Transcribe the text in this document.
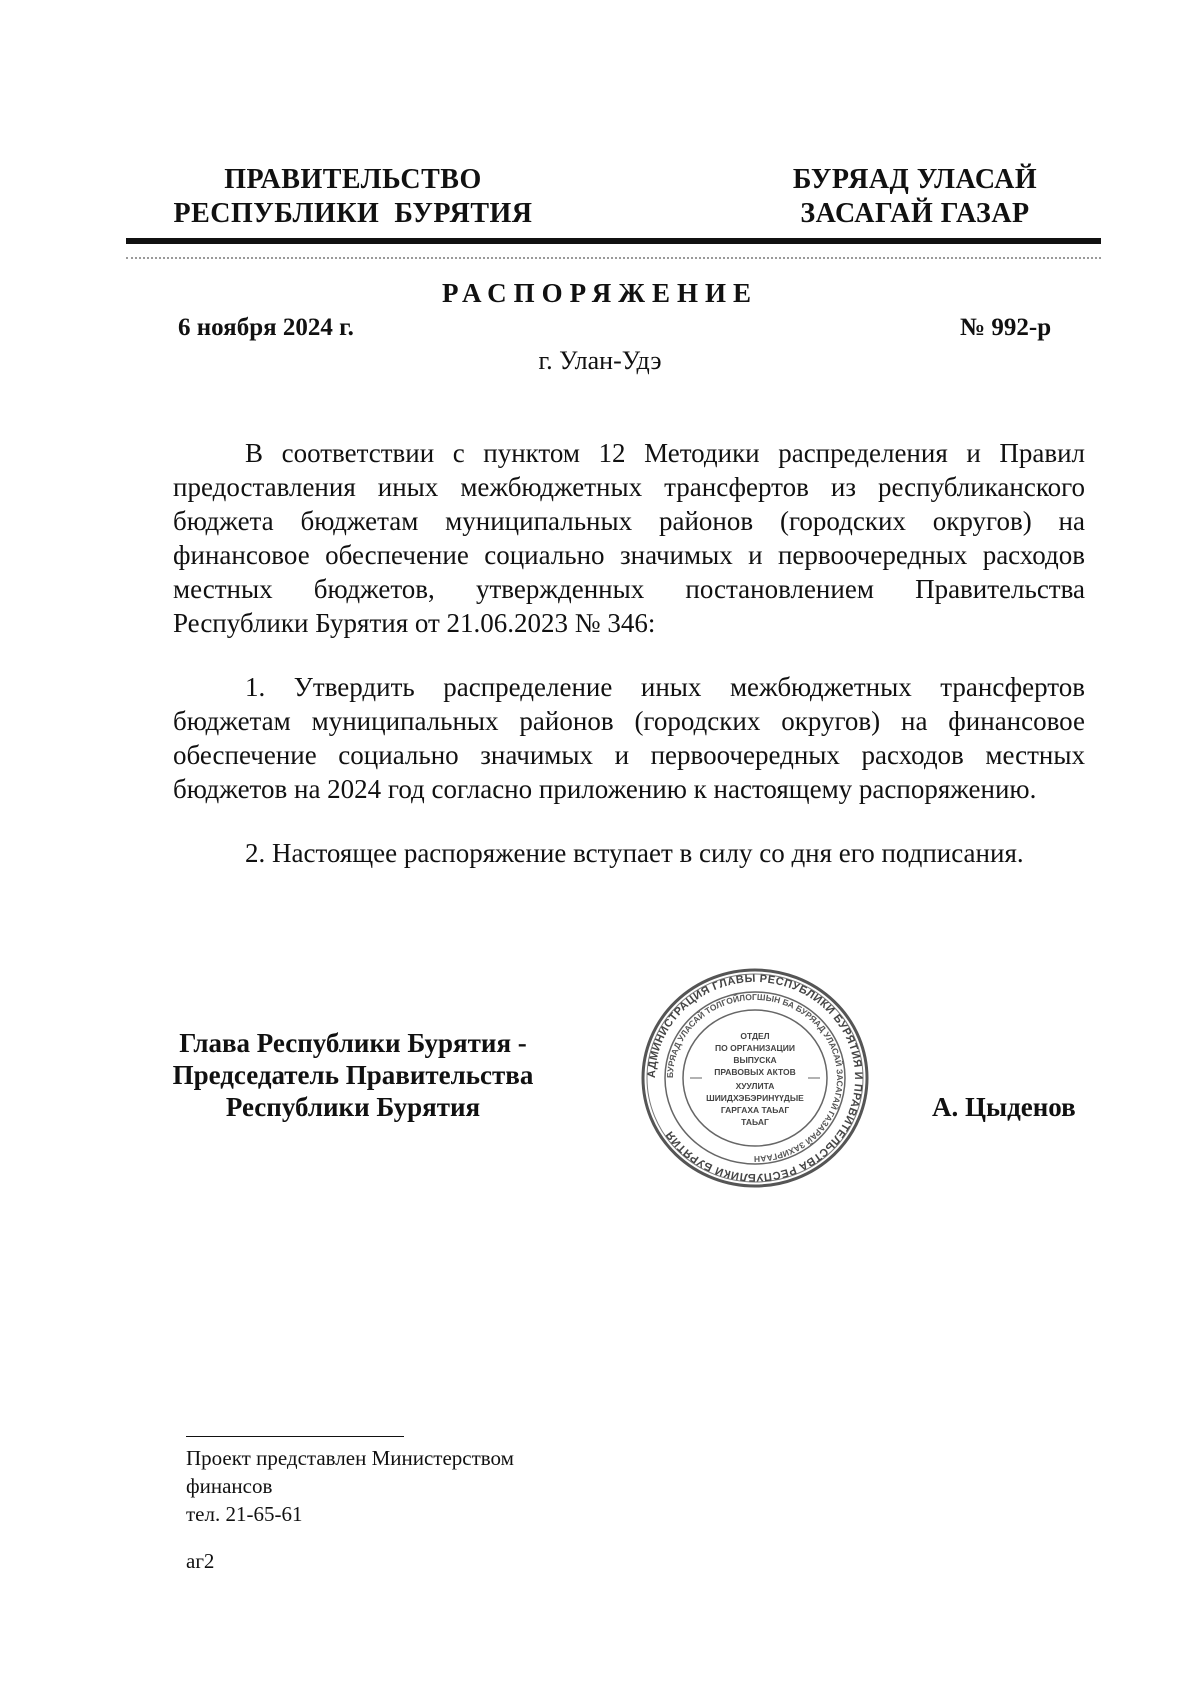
ПРАВИТЕЛЬСТВО
РЕСПУБЛИКИ  БУРЯТИЯ
БУРЯАД УЛАСАЙ
ЗАСАГАЙ ГАЗАР
РАСПОРЯЖЕНИЕ
6 ноября 2024 г.	№ 992-р
г. Улан-Удэ

В соответствии с пунктом 12 Методики распределения и Правил предоставления иных межбюджетных трансфертов из республиканского бюджета бюджетам муниципальных районов (городских округов) на финансовое обеспечение социально значимых и первоочередных расходов местных бюджетов, утвержденных постановлением Правительства Республики Бурятия от 21.06.2023 № 346:

1. Утвердить распределение иных межбюджетных трансфертов бюджетам муниципальных районов (городских округов) на финансовое обеспечение социально значимых и первоочередных расходов местных бюджетов на 2024 год согласно приложению к настоящему распоряжению.

2. Настоящее распоряжение вступает в силу со дня его подписания.

Глава Республики Бурятия -
Председатель Правительства
Республики Бурятия
АДМИНИСТРАЦИЯ ГЛАВЫ РЕСПУБЛИКИ БУРЯТИЯ И ПРАВИТЕЛЬСТВА РЕСПУБЛИКИ БУРЯТИЯ
БУРЯАД УЛАСАЙ ТОЛГОЙЛОГШЫН БА БУРЯАД УЛАСАЙ ЗАСАГАЙ ГАЗАРАЙ ЗАХИРГААН
ОТДЕЛ
ПО ОРГАНИЗАЦИИ
ВЫПУСКА
ПРАВОВЫХ АКТОВ
ХУУЛИТА
ШИИДХЭБЭРИНҮҮДЫЕ
ГАРГАХА ТАЬАГ
ТАЬАГ	А. Цыденов
Проект представлен Министерством
финансов
тел. 21-65-61
аг2
